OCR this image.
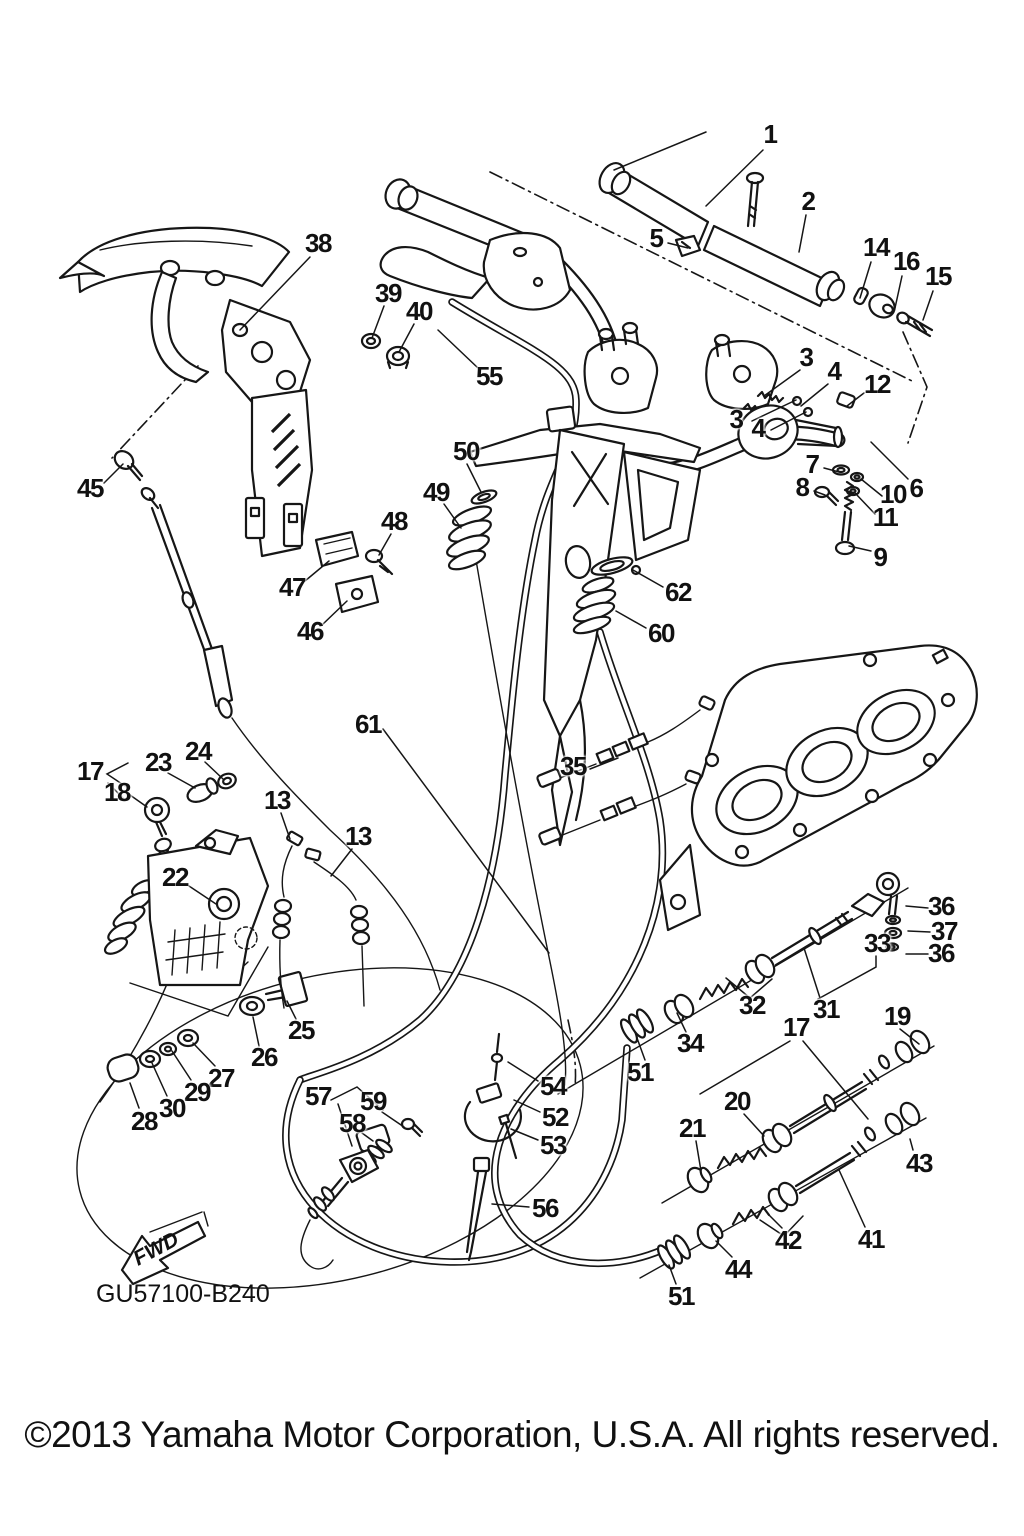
FWD
1
2
5	14 16 15
38
39
40
55
3 4 12
3 4
7
8	6
10
11
9
45
50
49
48
47
46
62
60
61
35
17
18
23 24
13
13
22
36
37
33 36
32 31 19
17
25	34
26	51
27	54
29	57	20
59
30	52
28	58	21
53
43
56
42 41
44
51
GU57100-B240
©2013 Yamaha Motor Corporation, U.S.A. All rights reserved.
